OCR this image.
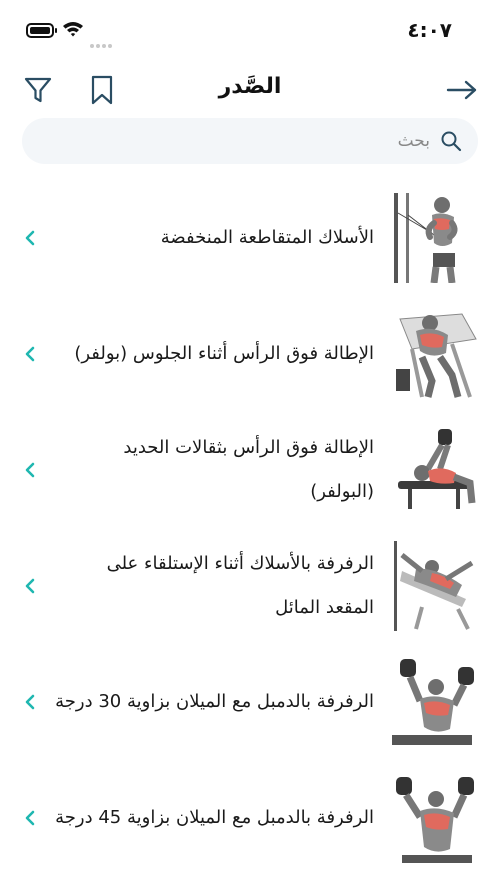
٤:٠٧
الصَّدر
بحث
الأسلاك المتقاطعة المنخفضة
الإطالة فوق الرأس أثناء الجلوس (بولفر)
الإطالة فوق الرأس بثقالات الحديد (البولفر)
الرفرفة بالأسلاك أثناء الإستلقاء على المقعد المائل
الرفرفة بالدمبل مع الميلان بزاوية 30 درجة
الرفرفة بالدمبل مع الميلان بزاوية 45 درجة
